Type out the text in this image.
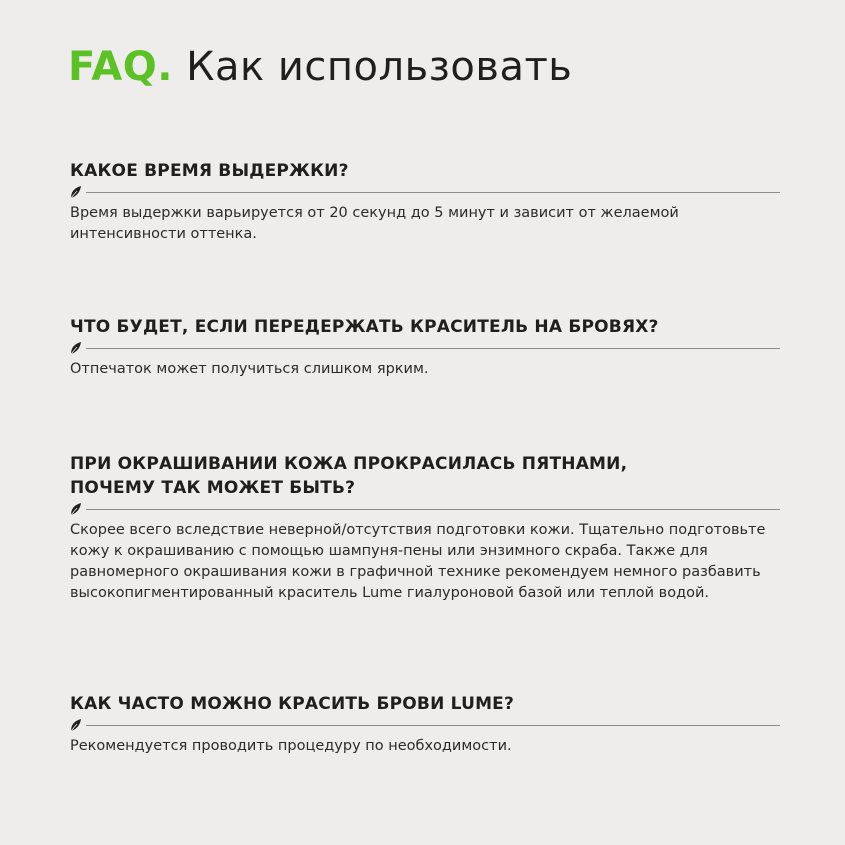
FAQ. Как использовать
КАКОЕ ВРЕМЯ ВЫДЕРЖКИ?
Время выдержки варьируется от 20 секунд до 5 минут и зависит от желаемой интенсивности оттенка.
ЧТО БУДЕТ, ЕСЛИ ПЕРЕДЕРЖАТЬ КРАСИТЕЛЬ НА БРОВЯХ?
Отпечаток может получиться слишком ярким.
ПРИ ОКРАШИВАНИИ КОЖА ПРОКРАСИЛАСЬ ПЯТНАМИ, ПОЧЕМУ ТАК МОЖЕТ БЫТЬ?
Скорее всего вследствие неверной/отсутствия подготовки кожи. Тщательно подготовьте кожу к окрашиванию с помощью шампуня-пены или энзимного скраба. Также для равномерного окрашивания кожи в графичной технике рекомендуем немного разбавить высокопигментированный краситель Lume гиалуроновой базой или теплой водой.
КАК ЧАСТО МОЖНО КРАСИТЬ БРОВИ LUME?
Рекомендуется проводить процедуру по необходимости.
